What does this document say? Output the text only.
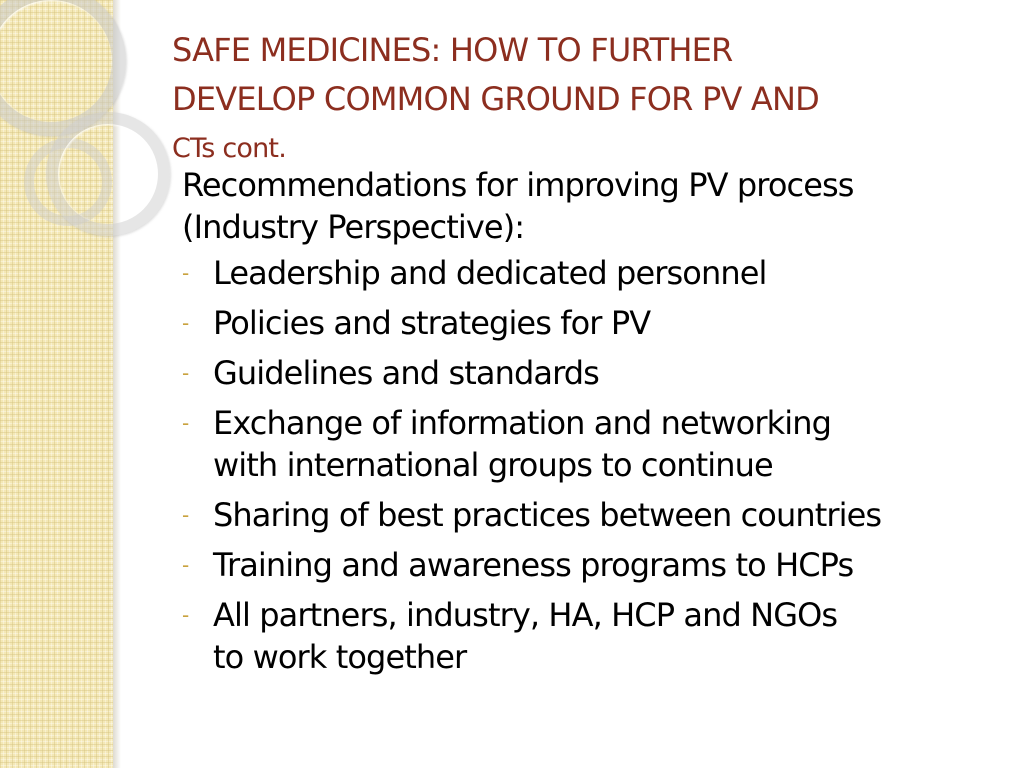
SAFE MEDICINES: HOW TO FURTHER
DEVELOP COMMON GROUND FOR PV AND
CTs cont.
Recommendations for improving PV process
(Industry Perspective):
- Leadership and dedicated personnel
- Policies and strategies for PV
- Guidelines and standards
- Exchange of information and networking
with international groups to continue
- Sharing of best practices between countries
- Training and awareness programs to HCPs
- All partners, industry, HA, HCP and NGOs
to work together
